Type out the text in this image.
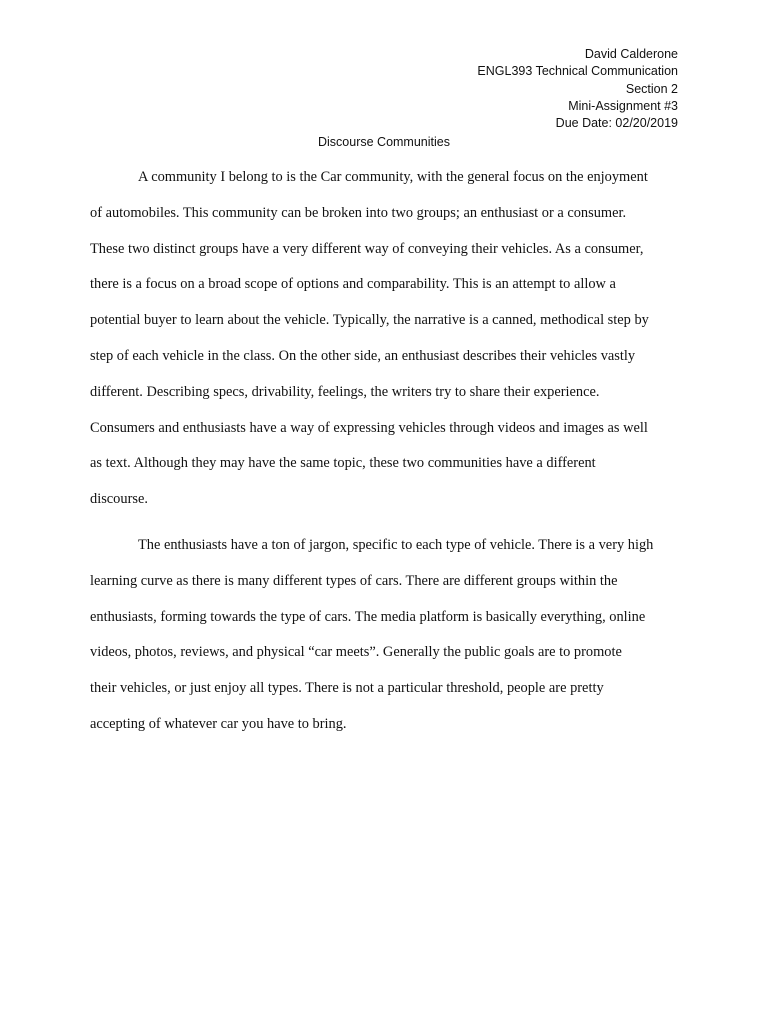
David Calderone
ENGL393 Technical Communication
Section 2
Mini-Assignment #3
Due Date: 02/20/2019
Discourse Communities
A community I belong to is the Car community, with the general focus on the enjoyment
of automobiles. This community can be broken into two groups; an enthusiast or a consumer.
These two distinct groups have a very different way of conveying their vehicles. As a consumer,
there is a focus on a broad scope of options and comparability. This is an attempt to allow a
potential buyer to learn about the vehicle. Typically, the narrative is a canned, methodical step by
step of each vehicle in the class. On the other side, an enthusiast describes their vehicles vastly
different. Describing specs, drivability, feelings, the writers try to share their experience.
Consumers and enthusiasts have a way of expressing vehicles through videos and images as well
as text. Although they may have the same topic, these two communities have a different
discourse.
The enthusiasts have a ton of jargon, specific to each type of vehicle. There is a very high
learning curve as there is many different types of cars. There are different groups within the
enthusiasts, forming towards the type of cars. The media platform is basically everything, online
videos, photos, reviews, and physical “car meets”. Generally the public goals are to promote
their vehicles, or just enjoy all types. There is not a particular threshold, people are pretty
accepting of whatever car you have to bring.
